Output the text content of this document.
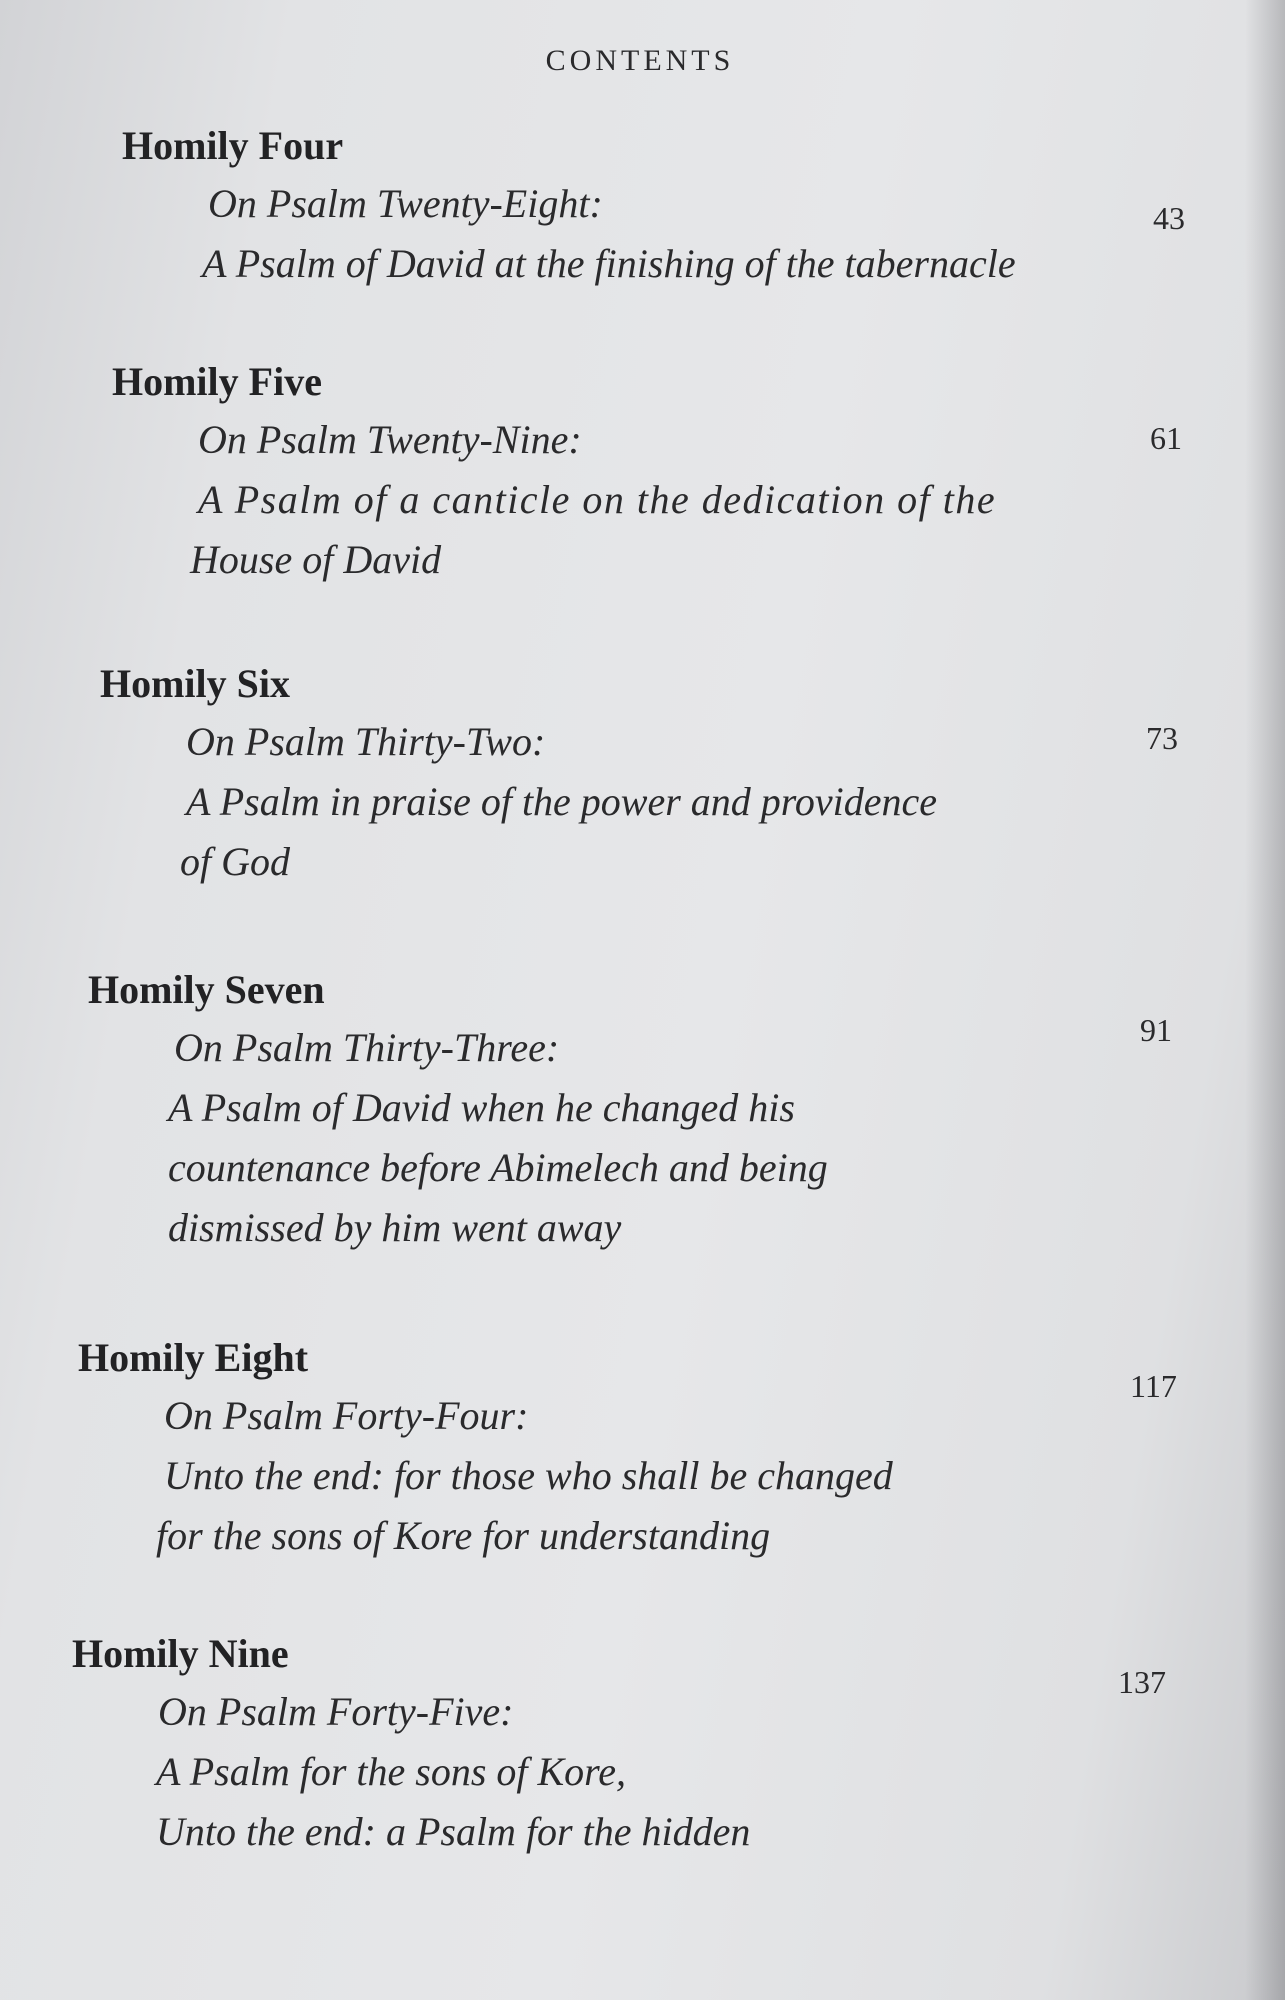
CONTENTS
Homily Four
On Psalm Twenty-Eight:
A Psalm of David at the finishing of the tabernacle
43
Homily Five
On Psalm Twenty-Nine:
A Psalm of a canticle on the dedication of the
House of David
61
Homily Six
On Psalm Thirty-Two:
A Psalm in praise of the power and providence
of God
73
Homily Seven
On Psalm Thirty-Three:
A Psalm of David when he changed his
countenance before Abimelech and being
dismissed by him went away
91
Homily Eight
On Psalm Forty-Four:
Unto the end: for those who shall be changed
for the sons of Kore for understanding
117
Homily Nine
On Psalm Forty-Five:
A Psalm for the sons of Kore,
Unto the end: a Psalm for the hidden
137
